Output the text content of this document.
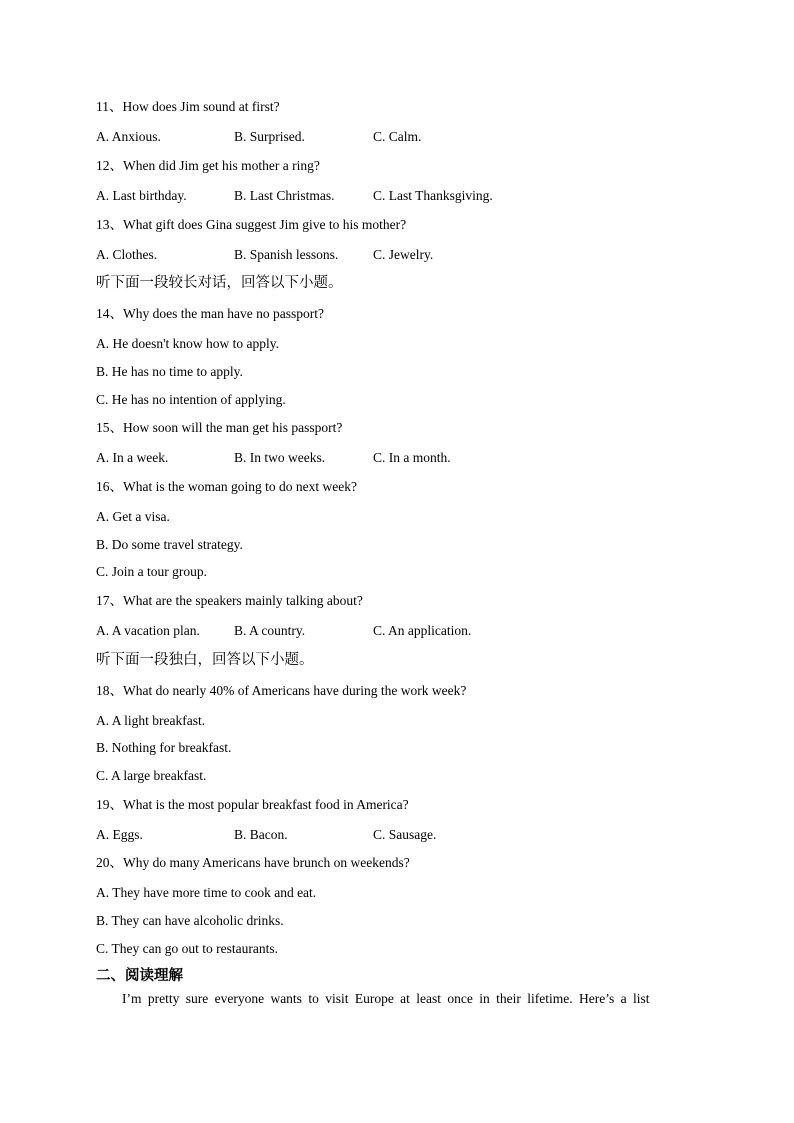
11、How does Jim sound at first?
A. Anxious.	B. Surprised.	C. Calm.
12、When did Jim get his mother a ring?
A. Last birthday.	B. Last Christmas.	C. Last Thanksgiving.
13、What gift does Gina suggest Jim give to his mother?
A. Clothes.	B. Spanish lessons.	C. Jewelry.
听下面一段较长对话，回答以下小题。
14、Why does the man have no passport?
A. He doesn't know how to apply.
B. He has no time to apply.
C. He has no intention of applying.
15、How soon will the man get his passport?
A. In a week.	B. In two weeks.	C. In a month.
16、What is the woman going to do next week?
A. Get a visa.
B. Do some travel strategy.
C. Join a tour group.
17、What are the speakers mainly talking about?
A. A vacation plan.	B. A country.	C. An application.
听下面一段独白，回答以下小题。
18、What do nearly 40% of Americans have during the work week?
A. A light breakfast.
B. Nothing for breakfast.
C. A large breakfast.
19、What is the most popular breakfast food in America?
A. Eggs.	B. Bacon.	C. Sausage.
20、Why do many Americans have brunch on weekends?
A. They have more time to cook and eat.
B. They can have alcoholic drinks.
C. They can go out to restaurants.
二、阅读理解
I’m pretty sure everyone wants to visit Europe at least once in their lifetime. Here’s a list
